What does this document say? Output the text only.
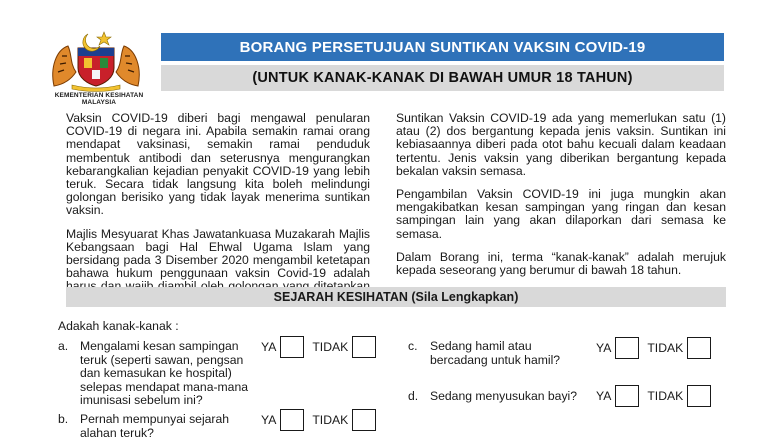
KEMENTERIAN KESIHATAN MALAYSIA
BORANG PERSETUJUAN SUNTIKAN VAKSIN COVID-19
(UNTUK KANAK-KANAK DI BAWAH UMUR 18 TAHUN)

Vaksin COVID-19 diberi bagi mengawal penularan COVID-19 di negara ini. Apabila semakin ramai orang mendapat vaksinasi, semakin ramai penduduk membentuk antibodi dan seterusnya mengurangkan kebarangkalian kejadian penyakit COVID-19 yang lebih teruk. Secara tidak langsung kita boleh melindungi golongan berisiko yang tidak layak menerima suntikan vaksin.

Majlis Mesyuarat Khas Jawatankuasa Muzakarah Majlis Kebangsaan bagi Hal Ehwal Ugama Islam yang bersidang pada 3 Disember 2020 mengambil ketetapan bahawa hukum penggunaan vaksin Covid-19 adalah

Suntikan Vaksin COVID-19 ada yang memerlukan satu (1) atau (2) dos bergantung kepada jenis vaksin. Suntikan ini kebiasaannya diberi pada otot bahu kecuali dalam keadaan tertentu. Jenis vaksin yang diberikan bergantung kepada bekalan vaksin semasa.

Pengambilan Vaksin COVID-19 ini juga mungkin akan mengakibatkan kesan sampingan yang ringan dan kesan sampingan lain yang akan dilaporkan dari semasa ke semasa.

Dalam Borang ini, terma “kanak-kanak” adalah merujuk kepada seseorang yang berumur di bawah 18 tahun.

SEJARAH KESIHATAN (Sila Lengkapkan)
Adakah kanak-kanak :
a. Mengalami kesan sampingan
teruk (seperti sawan, pengsan
dan kemasukan ke hospital)
selepas mendapat mana-mana
imunisasi sebelum ini?
YA	TIDAK
b. Pernah mempunyai sejarah
alahan teruk?
YA	TIDAK
c. Sedang hamil atau
bercadang untuk hamil?
YA	TIDAK
d. Sedang menyusukan bayi? YA	TIDAK
